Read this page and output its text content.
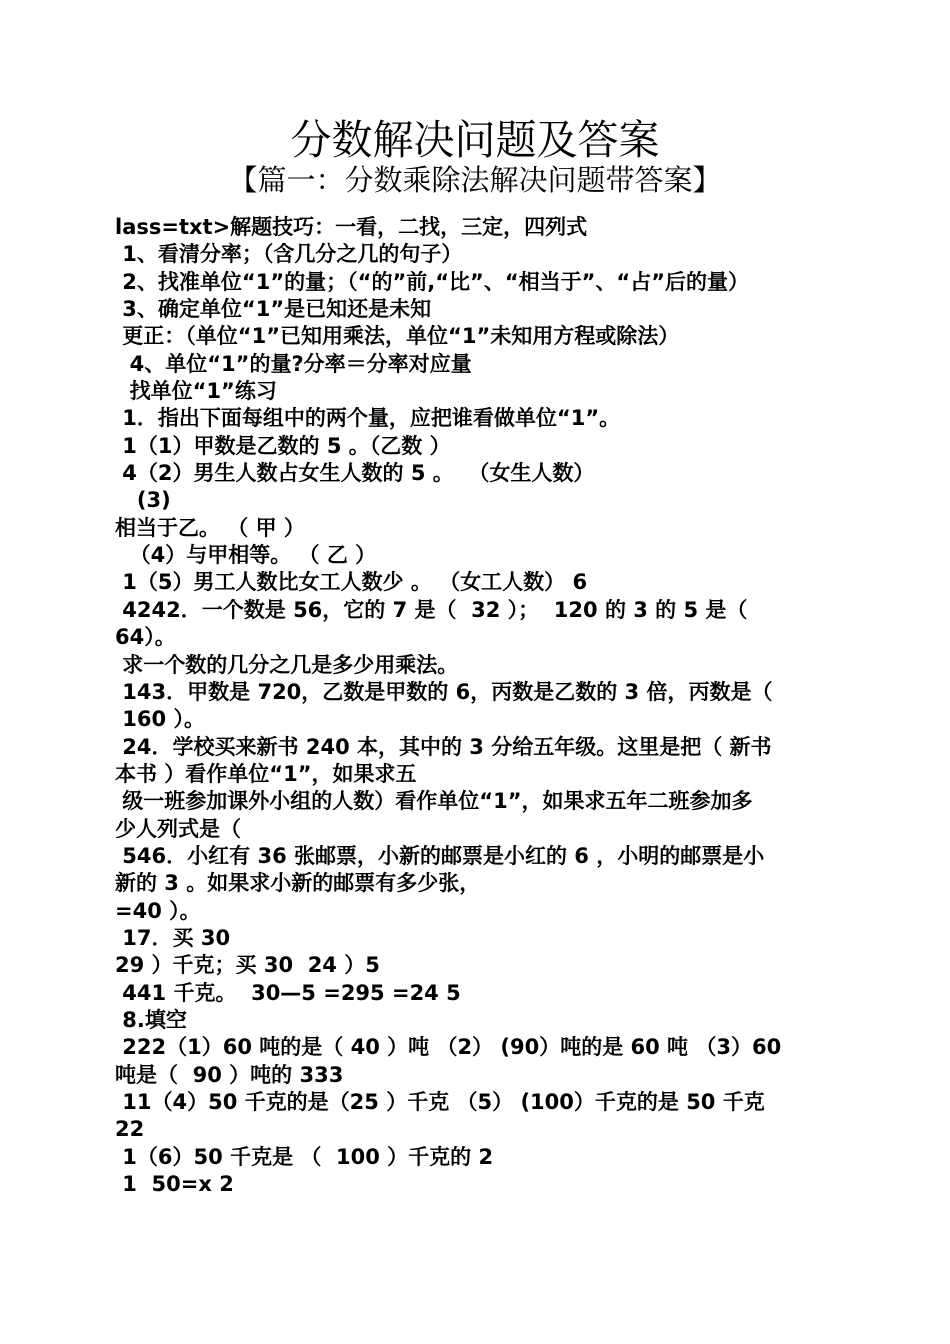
分数解决问题及答案
【篇一：分数乘除法解决问题带答案】
lass=txt>解题技巧：一看，二找，三定，四列式
1、看清分率；（含几分之几的句子）
2、找准单位“1”的量；（“的”前,“比”、“相当于”、“占”后的量）
3、确定单位“1”是已知还是未知
更正：（单位“1”已知用乘法，单位“1”未知用方程或除法）
4、单位“1”的量?分率＝分率对应量
找单位“1”练习
1．指出下面每组中的两个量，应把谁看做单位“1”。
1（1）甲数是乙数的 5 。（乙数 ）
4（2）男生人数占女生人数的 5 。  （女生人数）
(3)
相当于乙。 （ 甲 ）
（4）与甲相等。 （ 乙 ）
1（5）男工人数比女工人数少 。 （女工人数） 6
4242．一个数是 56，它的 7 是（  32 ）；  120 的 3 的 5 是（
64）。
求一个数的几分之几是多少用乘法。
143．甲数是 720，乙数是甲数的 6，丙数是乙数的 3 倍，丙数是（
160 ）。
24．学校买来新书 240 本，其中的 3 分给五年级。这里是把（ 新书
本书 ）看作单位“1”，如果求五
级一班参加课外小组的人数）看作单位“1”，如果求五年二班参加多
少人列式是（
546．小红有 36 张邮票，小新的邮票是小红的 6 ，小明的邮票是小
新的 3 。如果求小新的邮票有多少张，
=40 ）。
17．买 30
29 ）千克；买 30  24 ）5
441 千克。  30—5 =295 =24 5
8.填空
222（1）60 吨的是（ 40 ）吨 （2） (90）吨的是 60 吨 （3）60
吨是（  90 ）吨的 333
11（4）50 千克的是（25 ）千克 （5） (100）千克的是 50 千克
22
1（6）50 千克是 （  100 ）千克的 2
1  50=x 2
